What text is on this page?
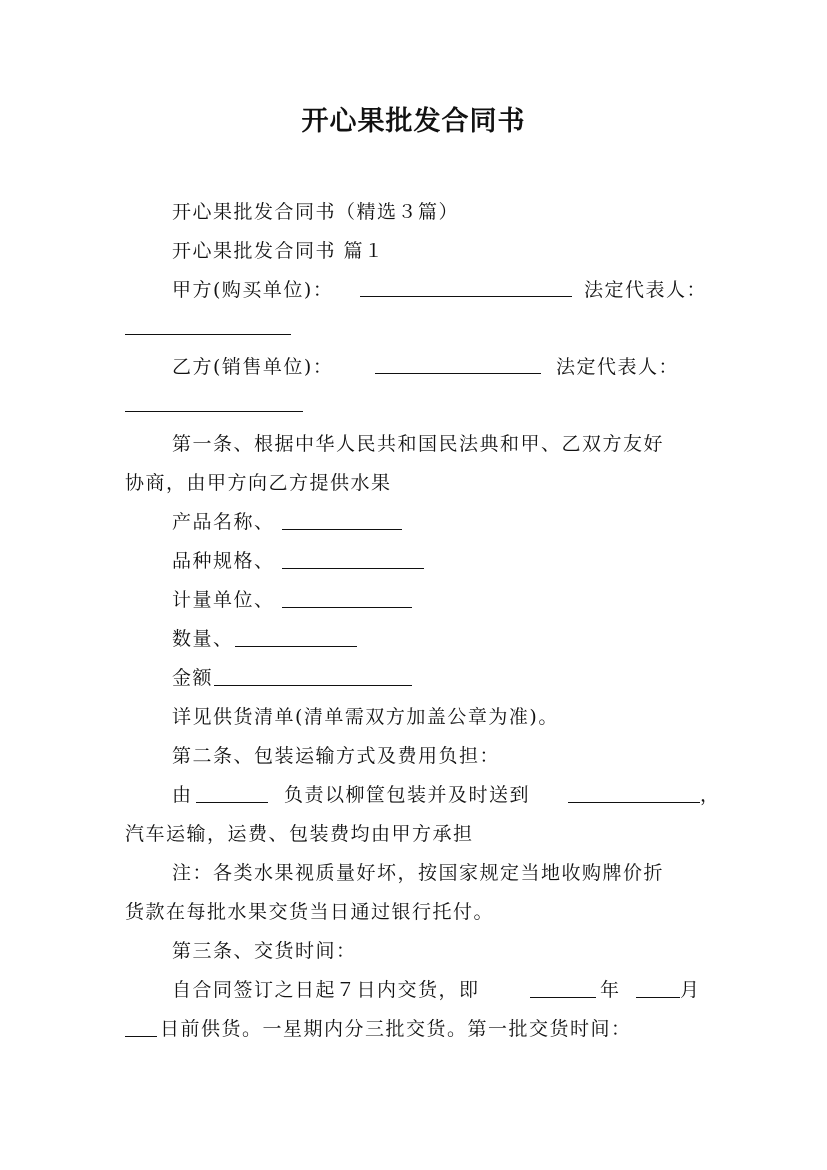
开心果批发合同书
开心果批发合同书（精选３篇）
开心果批发合同书 篇１
甲方(购买单位)：	法定代表人：
乙方(销售单位)：	法定代表人：
第一条、根据中华人民共和国民法典和甲、乙双方友好
协商，由甲方向乙方提供水果
产品名称、
品种规格、
计量单位、
数量、
金额
详见供货清单(清单需双方加盖公章为准)。
第二条、包装运输方式及费用负担：
由	负责以柳筐包装并及时送到	，
汽车运输，运费、包装费均由甲方承担
注：各类水果视质量好坏，按国家规定当地收购牌价折
货款在每批水果交货当日通过银行托付。
第三条、交货时间：
自合同签订之日起７日内交货，即	年	月
日前供货。一星期内分三批交货。第一批交货时间：
